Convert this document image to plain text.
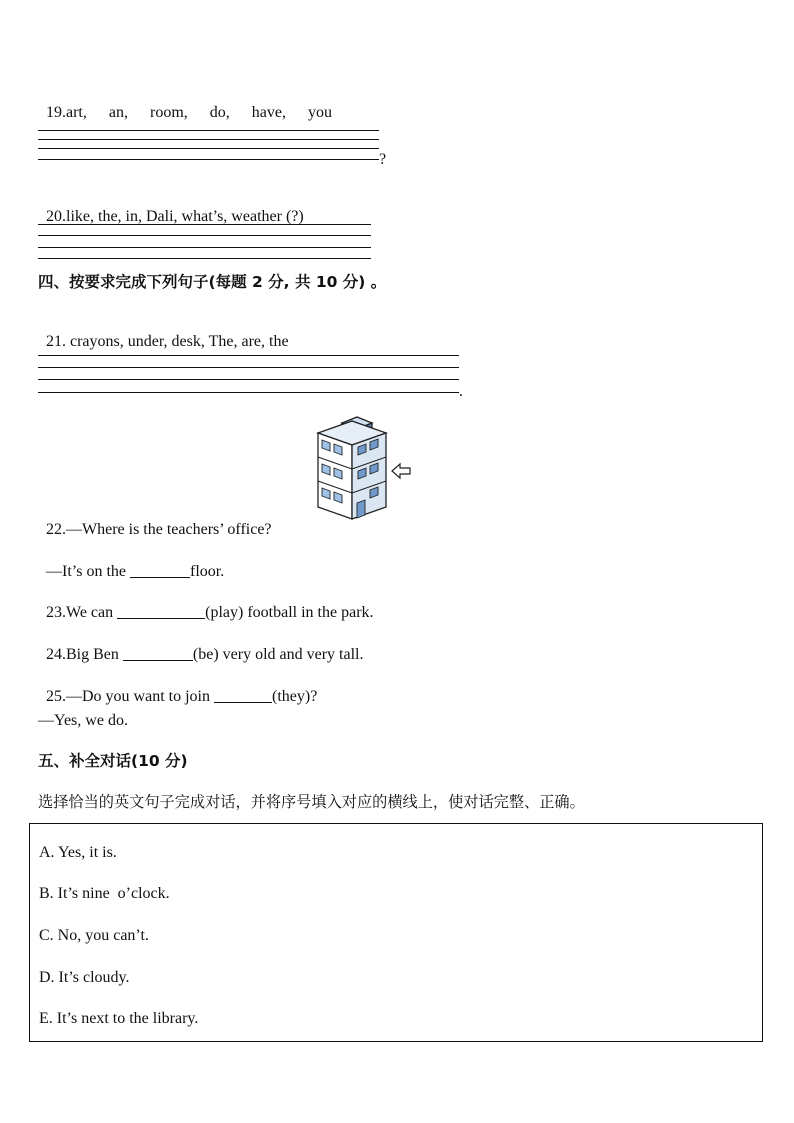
19.art, an, room, do, have, you

?

20.like, the, in, Dali, what’s, weather (?)

四、按要求完成下列句子(每题 2 分, 共 10 分) 。

21. crayons, under, desk, The, are, the

.

22.—Where is the teachers’ office?

—It’s on the	floor.

23.We can	(play) football in the park.

24.Big Ben	(be) very old and very tall.

25.—Do you want to join	(they)?

—Yes, we do.
五、补全对话(10 分)
选择恰当的英文句子完成对话，并将序号填入对应的横线上，使对话完整、正确。
A. Yes, it is.
B. It’s nine  o’clock.
C. No, you can’t.
D. It’s cloudy.
E. It’s next to the library.
